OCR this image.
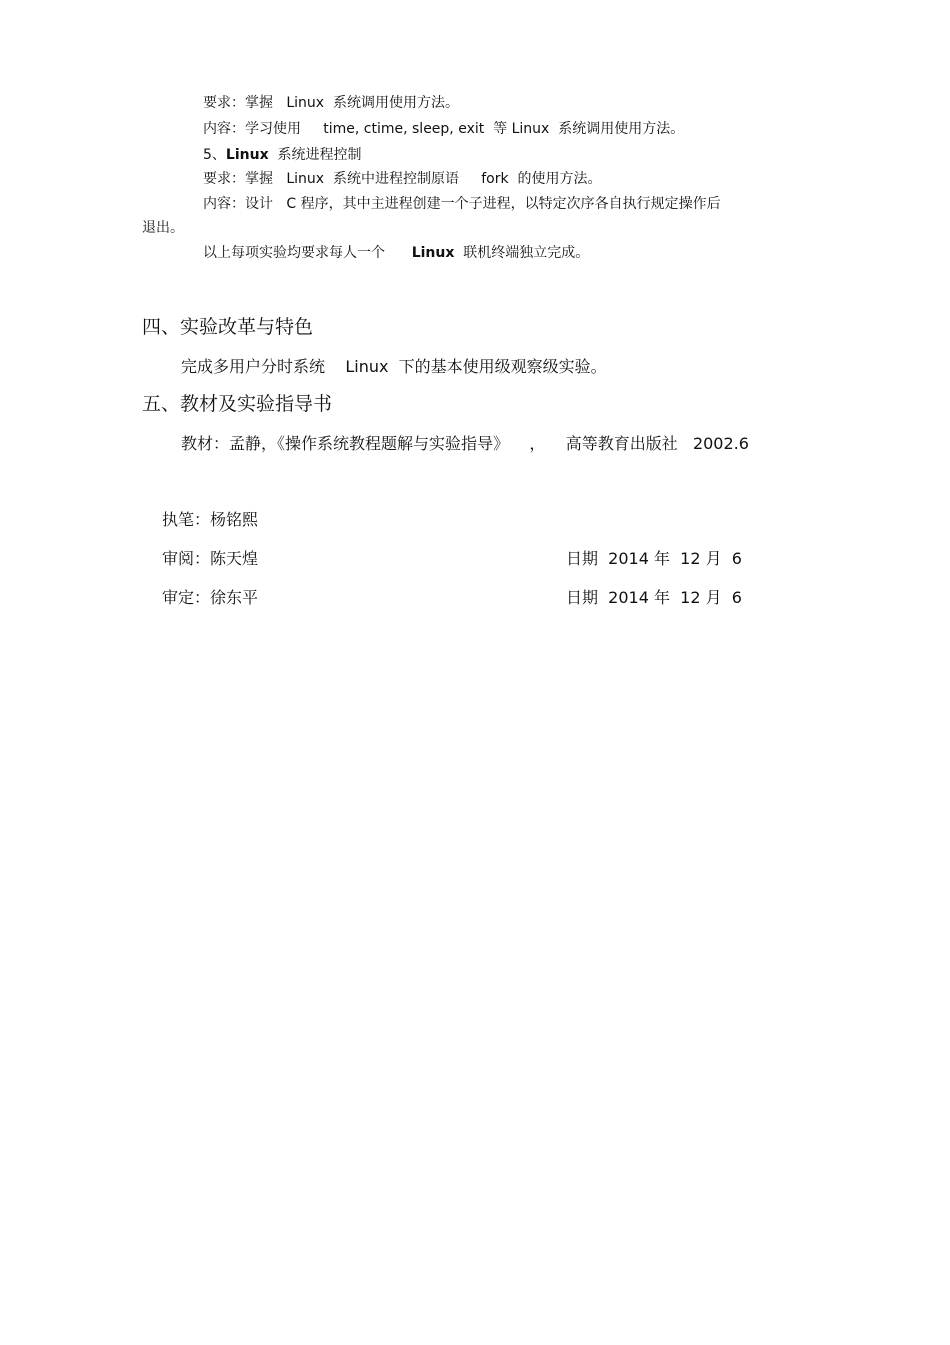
要求：掌握   Linux  系统调用使用方法。
内容：学习使用     time, ctime, sleep, exit  等 Linux  系统调用使用方法。
5、Linux  系统进程控制
要求：掌握   Linux  系统中进程控制原语     fork  的使用方法。
内容：设计   C 程序，其中主进程创建一个子进程，以特定次序各自执行规定操作后
退出。
以上每项实验均要求每人一个      Linux  联机终端独立完成。
四、实验改革与特色
完成多用户分时系统    Linux  下的基本使用级观察级实验。
五、教材及实验指导书
教材：孟静，《操作系统教程题解与实验指导》    ，    高等教育出版社   2002.6
执笔：杨铭熙
审阅：陈天煌	日期  2014 年  12 月  6
审定：徐东平	日期  2014 年  12 月  6
